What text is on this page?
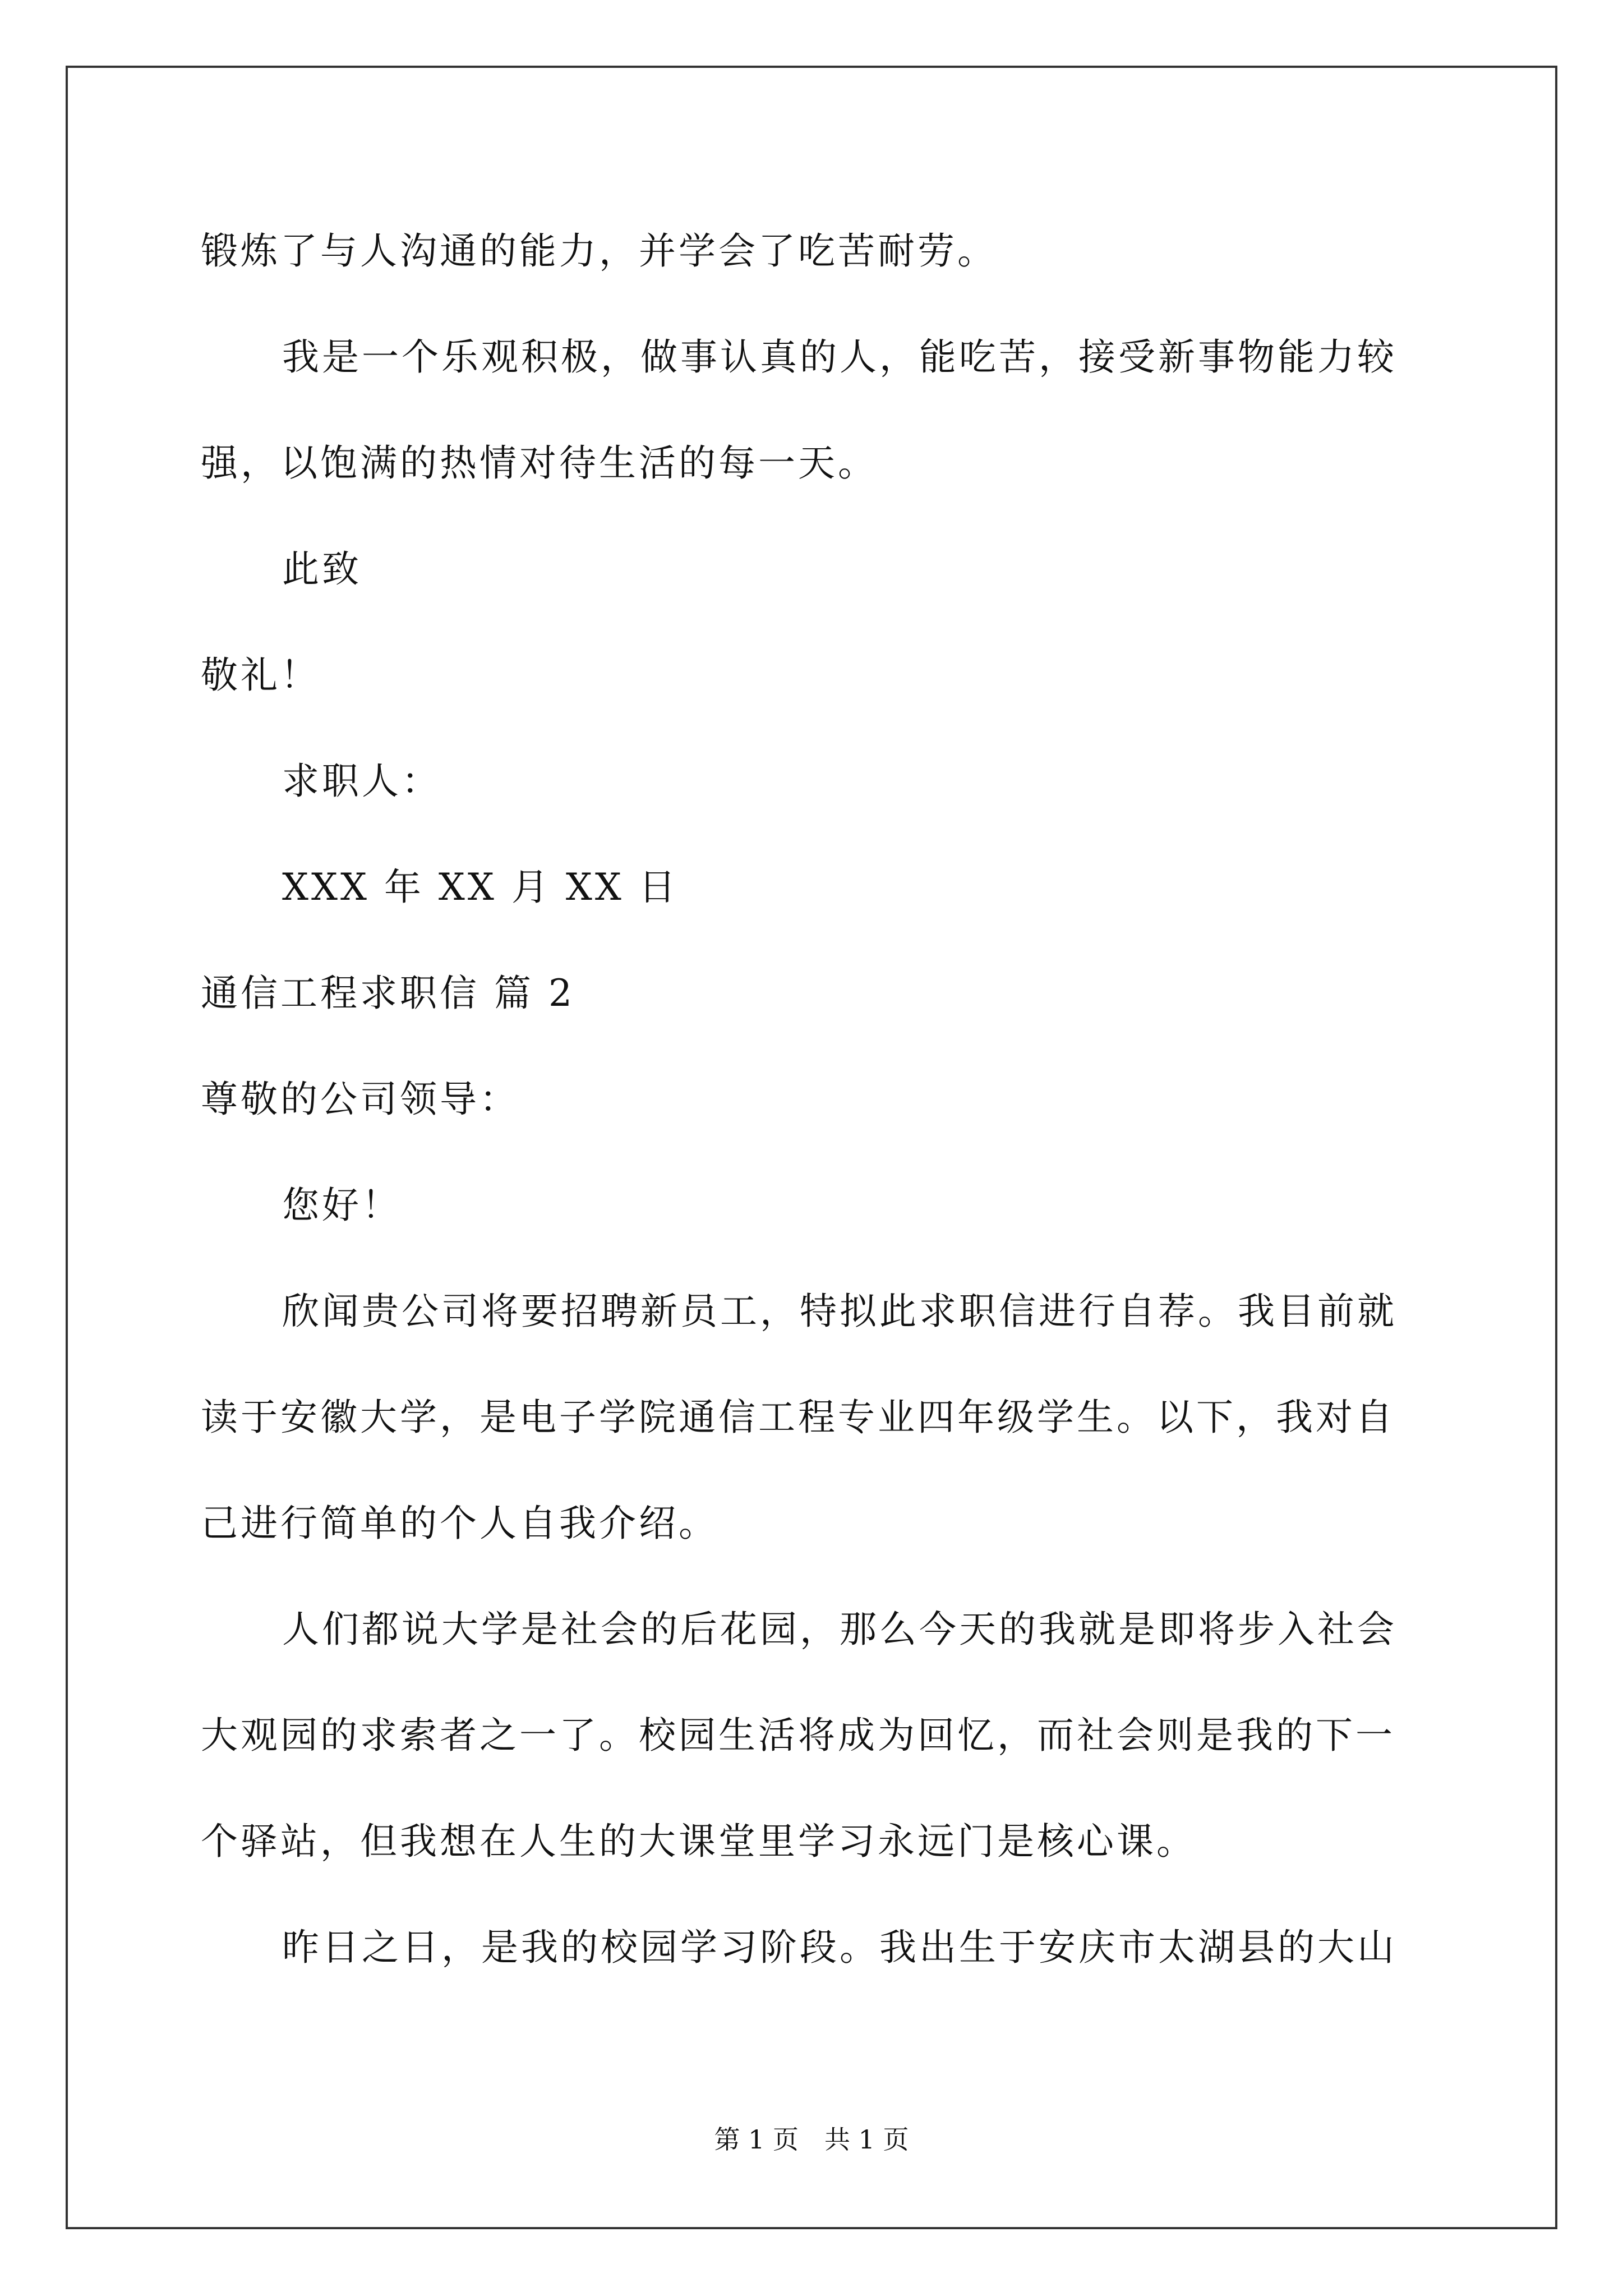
锻炼了与人沟通的能力，并学会了吃苦耐劳。
我是一个乐观积极，做事认真的人，能吃苦，接受新事物能力较
强，以饱满的热情对待生活的每一天。
此致
敬礼！
求职人：
XXX 年 XX 月 XX 日
通信工程求职信 篇 2
尊敬的公司领导：
您好！
欣闻贵公司将要招聘新员工，特拟此求职信进行自荐。我目前就
读于安徽大学，是电子学院通信工程专业四年级学生。以下，我对自
己进行简单的个人自我介绍。
人们都说大学是社会的后花园，那么今天的我就是即将步入社会
大观园的求索者之一了。校园生活将成为回忆，而社会则是我的下一
个驿站，但我想在人生的大课堂里学习永远门是核心课。
昨日之日，是我的校园学习阶段。我出生于安庆市太湖县的大山
第 1 页　共 1 页
